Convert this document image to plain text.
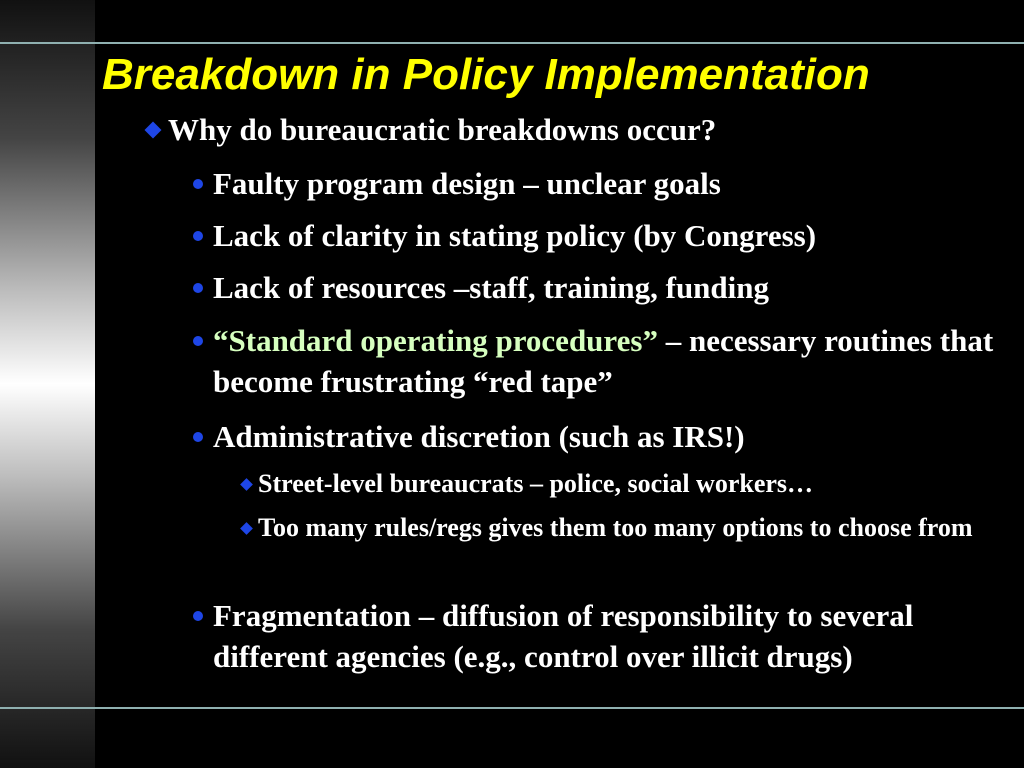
Breakdown in Policy Implementation
Why do bureaucratic breakdowns occur?
Faulty program design – unclear goals
Lack of clarity in stating policy (by Congress)
Lack of resources –staff, training, funding
“Standard operating procedures” – necessary routines that become frustrating “red tape”
Administrative discretion (such as IRS!)
Street-level bureaucrats – police, social workers…
Too many rules/regs gives them too many options to choose from
Fragmentation – diffusion of responsibility to several different agencies (e.g., control over illicit drugs)
